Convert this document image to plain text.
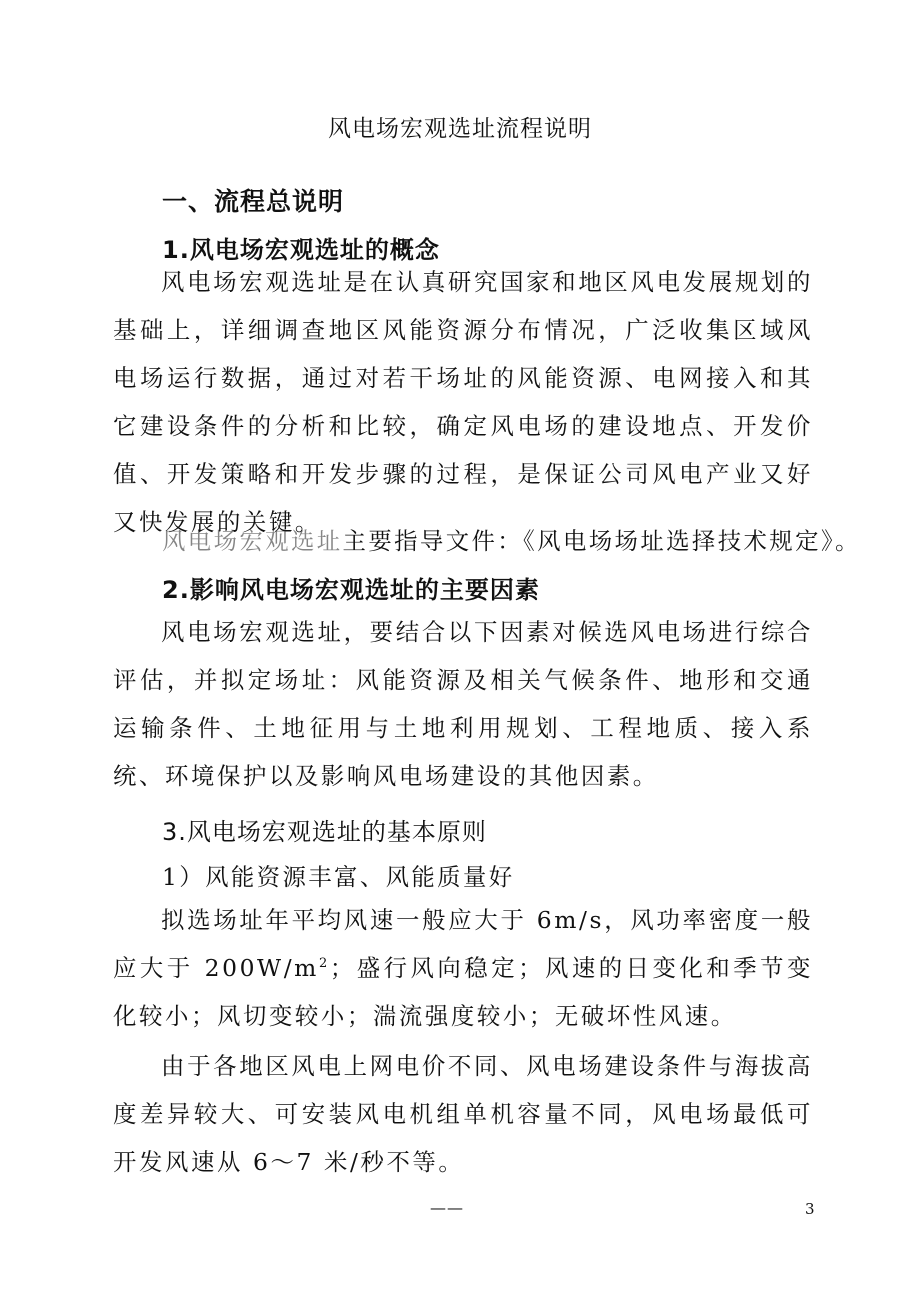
风电场宏观选址流程说明
一、流程总说明
1.风电场宏观选址的概念
风电场宏观选址是在认真研究国家和地区风电发展规划的基础上，详细调查地区风能资源分布情况，广泛收集区域风电场运行数据，通过对若干场址的风能资源、电网接入和其它建设条件的分析和比较，确定风电场的建设地点、开发价值、开发策略和开发步骤的过程，是保证公司风电产业又好又快发展的关键。
风电场宏观选址主要指导文件：《风电场场址选择技术规定》。
2.影响风电场宏观选址的主要因素
风电场宏观选址，要结合以下因素对候选风电场进行综合评估，并拟定场址：风能资源及相关气候条件、地形和交通运输条件、土地征用与土地利用规划、工程地质、接入系统、环境保护以及影响风电场建设的其他因素。
3.风电场宏观选址的基本原则
1）风能资源丰富、风能质量好
拟选场址年平均风速一般应大于 6m/s，风功率密度一般应大于 $200W/m^2$；盛行风向稳定；风速的日变化和季节变化较小；风切变较小；湍流强度较小；无破坏性风速。
由于各地区风电上网电价不同、风电场建设条件与海拔高度差异较大、可安装风电机组单机容量不同，风电场最低可开发风速从 6～7 米/秒不等。
——	3
